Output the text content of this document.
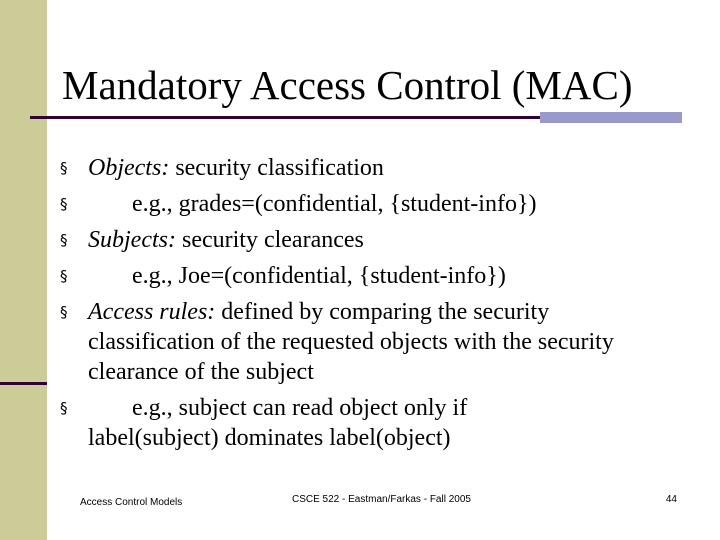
Mandatory Access Control (MAC)
§ Objects: security classification
§	e.g., grades=(confidential, {student-info})
§ Subjects: security clearances
§	e.g., Joe=(confidential, {student-info})
§ Access rules: defined by comparing the security classification of the requested objects with the security clearance of the subject
§	e.g., subject can read object only if
label(subject) dominates label(object)
Access Control Models	CSCE 522 - Eastman/Farkas - Fall 2005	44
